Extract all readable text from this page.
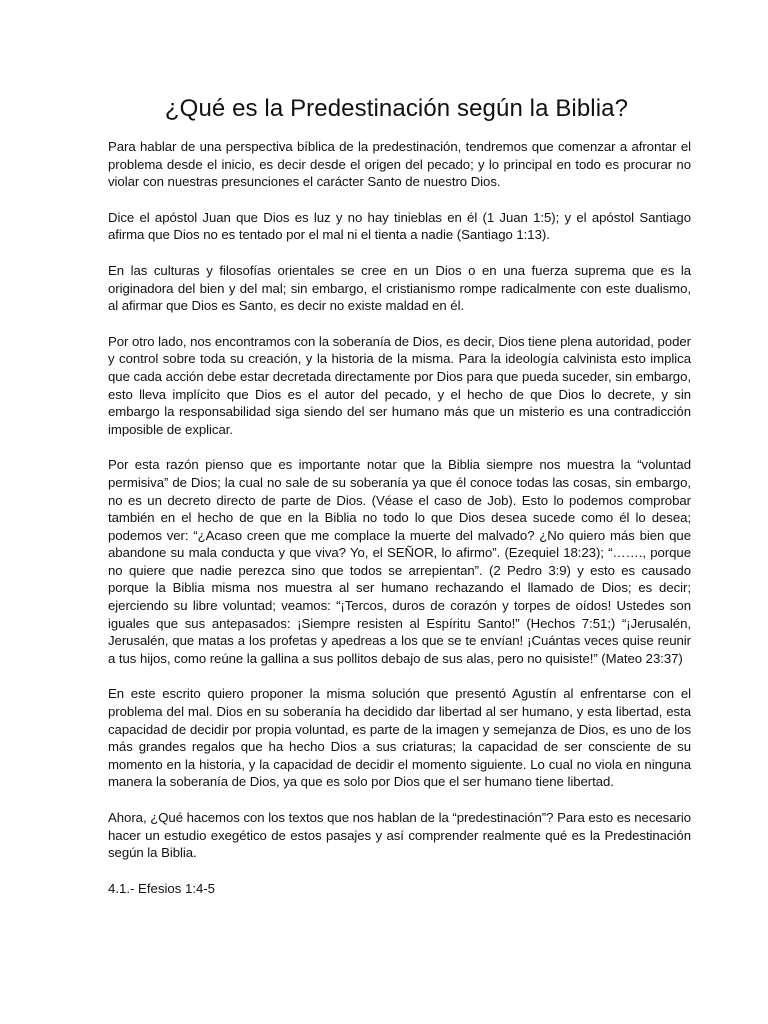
¿Qué es la Predestinación según la Biblia?

Para hablar de una perspectiva bíblica de la predestinación, tendremos que comenzar a afrontar el problema desde el inicio, es decir desde el origen del pecado; y lo principal en todo es procurar no violar con nuestras presunciones el carácter Santo de nuestro Dios.

Dice el apóstol Juan que Dios es luz y no hay tinieblas en él (1 Juan 1:5); y el apóstol Santiago afirma que Dios no es tentado por el mal ni el tienta a nadie (Santiago 1:13).

En las culturas y filosofías orientales se cree en un Dios o en una fuerza suprema que es la originadora del bien y del mal; sin embargo, el cristianismo rompe radicalmente con este dualismo, al afirmar que Dios es Santo, es decir no existe maldad en él.

Por otro lado, nos encontramos con la soberanía de Dios, es decir, Dios tiene plena autoridad, poder y control sobre toda su creación, y la historia de la misma. Para la ideología calvinista esto implica que cada acción debe estar decretada directamente por Dios para que pueda suceder, sin embargo, esto lleva implícito que Dios es el autor del pecado, y el hecho de que Dios lo decrete, y sin embargo la responsabilidad siga siendo del ser humano más que un misterio es una contradicción imposible de explicar.

Por esta razón pienso que es importante notar que la Biblia siempre nos muestra la “voluntad permisiva” de Dios; la cual no sale de su soberanía ya que él conoce todas las cosas, sin embargo, no es un decreto directo de parte de Dios. (Véase el caso de Job). Esto lo podemos comprobar también en el hecho de que en la Biblia no todo lo que Dios desea sucede como él lo desea; podemos ver: “¿Acaso creen que me complace la muerte del malvado? ¿No quiero más bien que abandone su mala conducta y que viva? Yo, el SEÑOR, lo afirmo”. (Ezequiel 18:23); “……., porque no quiere que nadie perezca sino que todos se arrepientan”. (2 Pedro 3:9) y esto es causado porque la Biblia misma nos muestra al ser humano rechazando el llamado de Dios; es decir; ejerciendo su libre voluntad; veamos: “¡Tercos, duros de corazón y torpes de oídos! Ustedes son iguales que sus antepasados: ¡Siempre resisten al Espíritu Santo!” (Hechos 7:51;) “¡Jerusalén, Jerusalén, que matas a los profetas y apedreas a los que se te envían! ¡Cuántas veces quise reunir a tus hijos, como reúne la gallina a sus pollitos debajo de sus alas, pero no quisiste!” (Mateo 23:37)

En este escrito quiero proponer la misma solución que presentó Agustín al enfrentarse con el problema del mal. Dios en su soberanía ha decidido dar libertad al ser humano, y esta libertad, esta capacidad de decidir por propia voluntad, es parte de la imagen y semejanza de Dios, es uno de los más grandes regalos que ha hecho Dios a sus criaturas; la capacidad de ser consciente de su momento en la historia, y la capacidad de decidir el momento siguiente. Lo cual no viola en ninguna manera la soberanía de Dios, ya que es solo por Dios que el ser humano tiene libertad.

Ahora, ¿Qué hacemos con los textos que nos hablan de la “predestinación”? Para esto es necesario hacer un estudio exegético de estos pasajes y así comprender realmente qué es la Predestinación según la Biblia.

4.1.- Efesios 1:4-5
